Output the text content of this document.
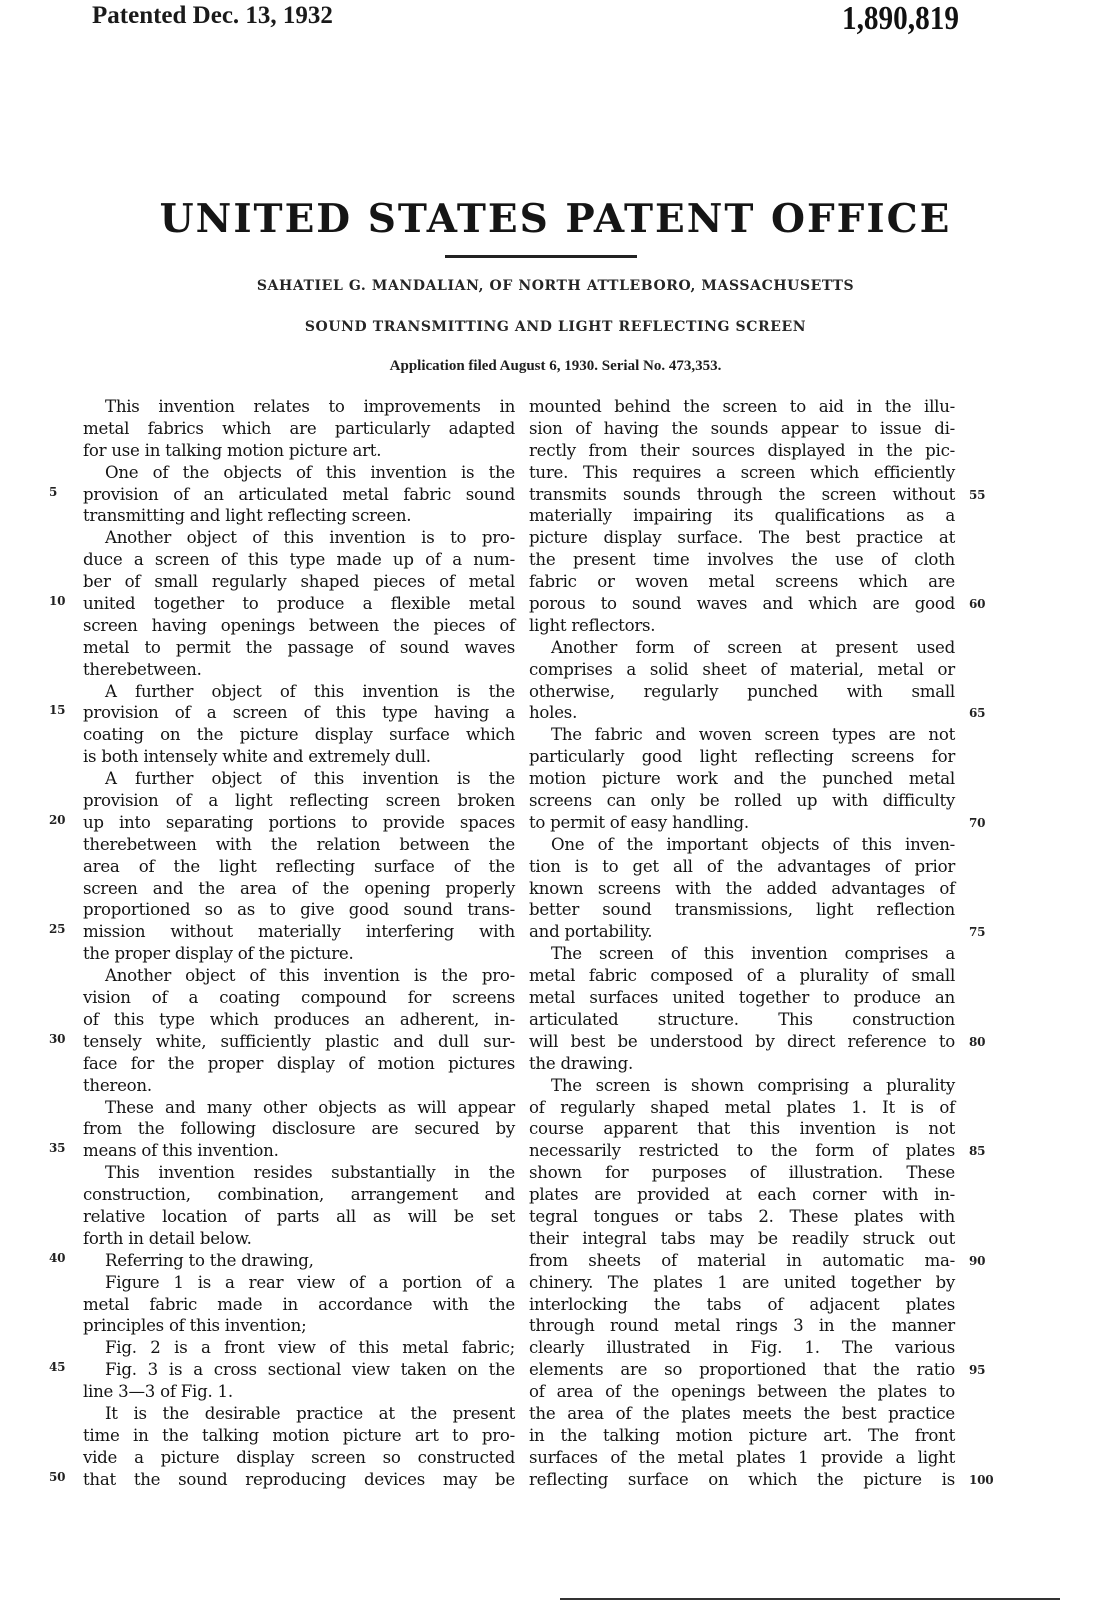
Patented Dec. 13, 1932	1,890,819
UNITED STATES PATENT OFFICE
SAHATIEL G. MANDALIAN, OF NORTH ATTLEBORO, MASSACHUSETTS
SOUND TRANSMITTING AND LIGHT REFLECTING SCREEN
Application filed August 6, 1930. Serial No. 473,353.
This invention relates to improvements in
metal fabrics which are particularly adapted
for use in talking motion picture art.
One of the objects of this invention is the
provision of an articulated metal fabric sound
5
transmitting and light reflecting screen.
Another object of this invention is to pro-
duce a screen of this type made up of a num-
ber of small regularly shaped pieces of metal
united together to produce a flexible metal
10
screen having openings between the pieces of
metal to permit the passage of sound waves
therebetween.
A further object of this invention is the
provision of a screen of this type having a
15
coating on the picture display surface which
is both intensely white and extremely dull.
A further object of this invention is the
provision of a light reflecting screen broken
up into separating portions to provide spaces
20
therebetween with the relation between the
area of the light reflecting surface of the
screen and the area of the opening properly
proportioned so as to give good sound trans-
mission without materially interfering with
25
the proper display of the picture.
Another object of this invention is the pro-
vision of a coating compound for screens
of this type which produces an adherent, in-
tensely white, sufficiently plastic and dull sur-
30
face for the proper display of motion pictures
thereon.
These and many other objects as will appear
from the following disclosure are secured by
means of this invention.
35
This invention resides substantially in the
construction, combination, arrangement and
relative location of parts all as will be set
forth in detail below.
Referring to the drawing,
40
Figure 1 is a rear view of a portion of a
metal fabric made in accordance with the
principles of this invention;
Fig. 2 is a front view of this metal fabric;
Fig. 3 is a cross sectional view taken on the
45
line 3—3 of Fig. 1.
It is the desirable practice at the present
time in the talking motion picture art to pro-
vide a picture display screen so constructed
that the sound reproducing devices may be
50
mounted behind the screen to aid in the illu-
sion of having the sounds appear to issue di-
rectly from their sources displayed in the pic-
ture. This requires a screen which efficiently
transmits sounds through the screen without 55
materially impairing its qualifications as a
picture display surface. The best practice at
the present time involves the use of cloth
fabric or woven metal screens which are
porous to sound waves and which are good 60
light reflectors.
Another form of screen at present used
comprises a solid sheet of material, metal or
otherwise, regularly punched with small
holes.	65
The fabric and woven screen types are not
particularly good light reflecting screens for
motion picture work and the punched metal
screens can only be rolled up with difficulty
to permit of easy handling.	70
One of the important objects of this inven-
tion is to get all of the advantages of prior
known screens with the added advantages of
better sound transmissions, light reflection
and portability.	75
The screen of this invention comprises a
metal fabric composed of a plurality of small
metal surfaces united together to produce an
articulated structure. This construction
will best be understood by direct reference to 80
the drawing.
The screen is shown comprising a plurality
of regularly shaped metal plates 1. It is of
course apparent that this invention is not
necessarily restricted to the form of plates 85
shown for purposes of illustration. These
plates are provided at each corner with in-
tegral tongues or tabs 2. These plates with
their integral tabs may be readily struck out
from sheets of material in automatic ma- 90
chinery. The plates 1 are united together by
interlocking the tabs of adjacent plates
through round metal rings 3 in the manner
clearly illustrated in Fig. 1. The various
elements are so proportioned that the ratio 95
of area of the openings between the plates to
the area of the plates meets the best practice
in the talking motion picture art. The front
surfaces of the metal plates 1 provide a light
reflecting surface on which the picture is 100
